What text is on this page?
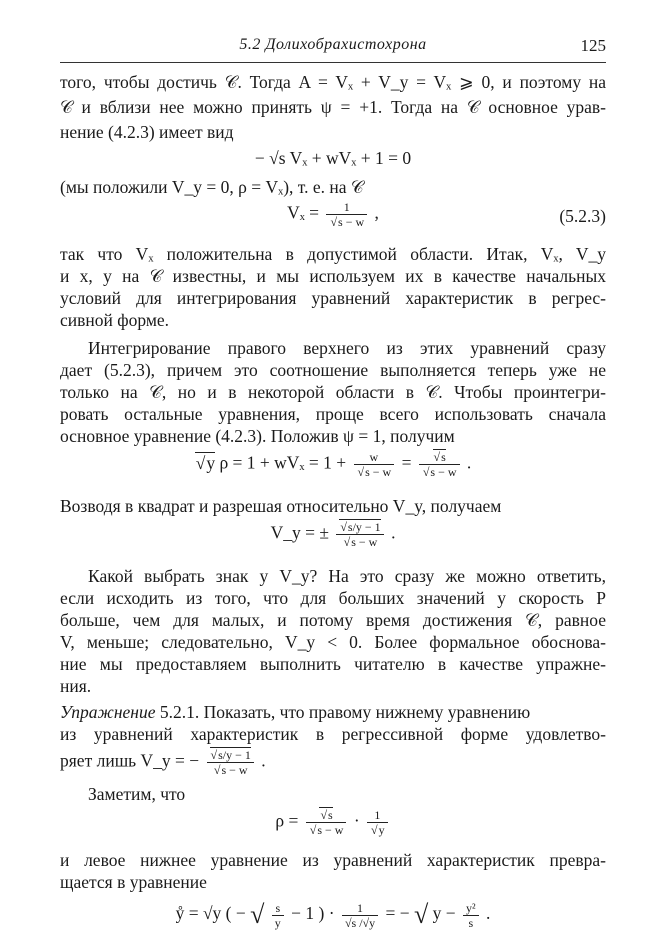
5.2 Долихобрахистохрона	125
того, чтобы достичь 𝒞. Тогда A = Vₓ + V_y = Vₓ ⩾ 0, и поэтому на
𝒞 и вблизи нее можно принять ψ = +1. Тогда на 𝒞 основное урав-
нение (4.2.3) имеет вид
− √s Vₓ + wVₓ + 1 = 0
(мы положили V_y = 0, ρ = Vₓ), т. е. на 𝒞
Vₓ = 1
√ s − w ,	(5.2.3)
так что Vₓ положительна в допустимой области. Итак, Vₓ, V_y
и x, y на 𝒞 известны, и мы используем их в качестве начальных
условий для интегрирования уравнений характеристик в регрес-
сивной форме.
Интегрирование правого верхнего из этих уравнений сразу
дает (5.2.3), причем это соотношение выполняется теперь уже не
только на 𝒞, но и в некоторой области в 𝒞. Чтобы проинтегри-
ровать остальные уравнения, проще всего использовать сначала
основное уравнение (4.2.3). Положив ψ = 1, получим
√ y ρ = 1 + wVₓ = 1 + w
√ s − w = √ s
√ s − w .
Возводя в квадрат и разрешая относительно V_y, получаем
V_y = ± √ s/y − 1
√ s − w .
Какой выбрать знак у V_y? На это сразу же можно ответить,
если исходить из того, что для больших значений y скорость P
больше, чем для малых, и потому время достижения 𝒞, равное
V, меньше; следовательно, V_y < 0. Более формальное обоснова-
ние мы предоставляем выполнить читателю в качестве упражне-
ния.
Упражнение 5.2.1. Показать, что правому нижнему уравнению
из уравнений характеристик в регрессивной форме удовлетво-
ряет лишь V_y = − √ s/y − 1
√ s − w .
Заметим, что
ρ = √ s
√ s − w · 1
√ y
и левое нижнее уравнение из уравнений характеристик превра-
щается в уравнение
ẙ = √y ( − √ $\frac{s}{y} - 1$ ) · $\frac{1}{√s /√y}$ = − √ $y - \frac{\text{y²}}{s}$ .
